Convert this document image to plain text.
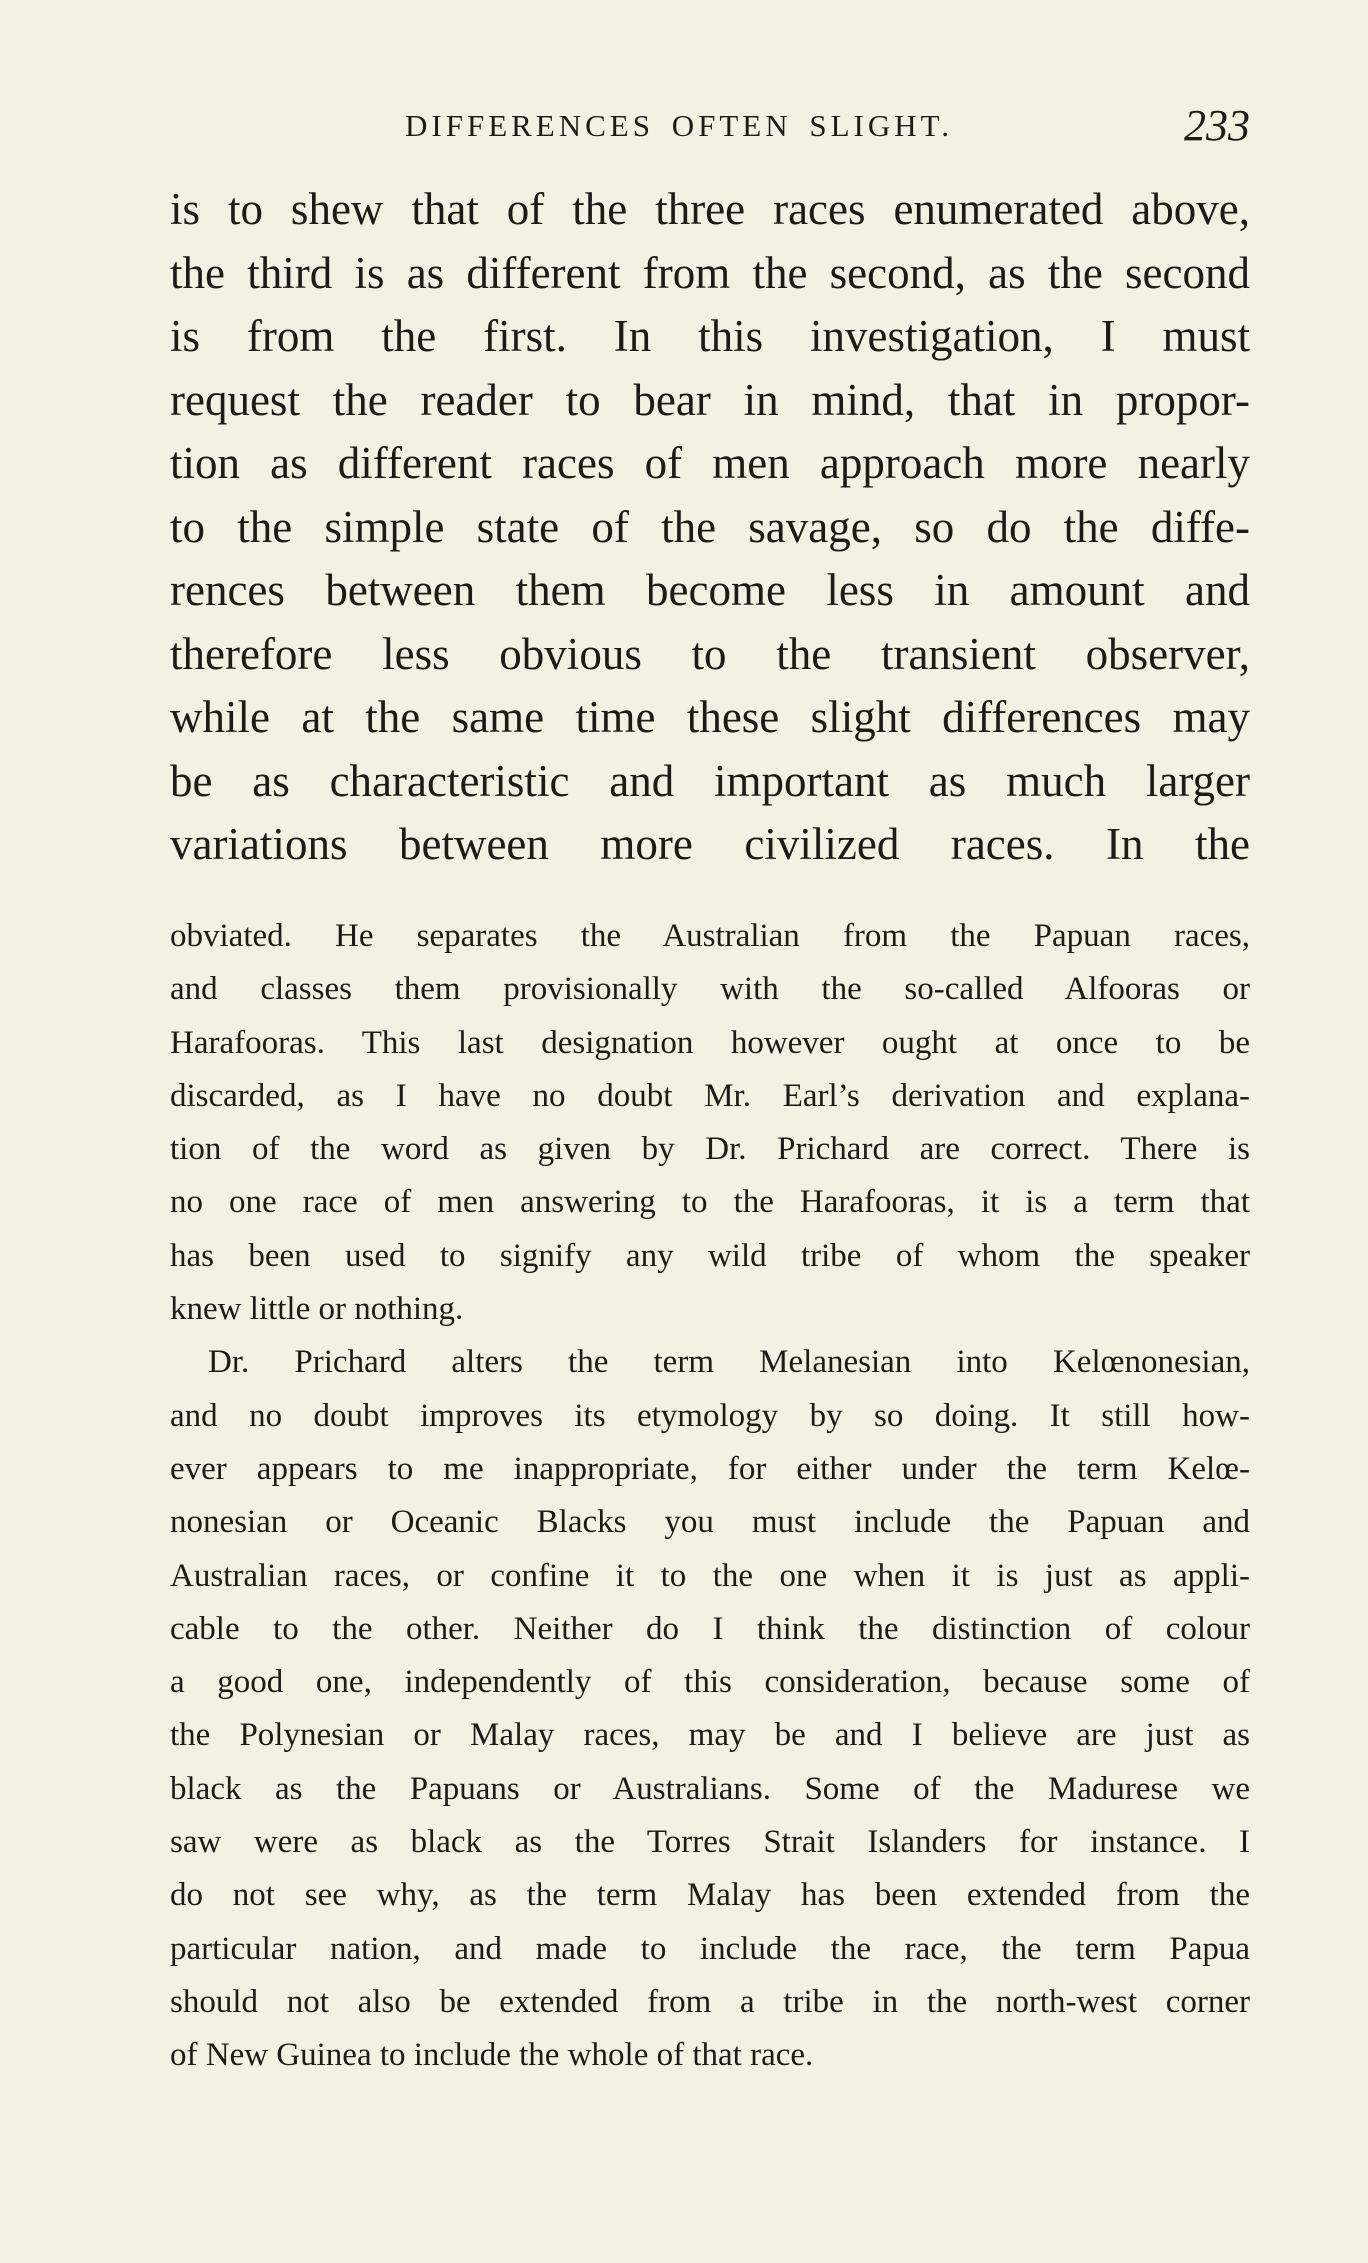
DIFFERENCES OFTEN SLIGHT.	233
is to shew that of the three races enumerated above,
the third is as different from the second, as the second
is from the first. In this investigation, I must
request the reader to bear in mind, that in propor-
tion as different races of men approach more nearly
to the simple state of the savage, so do the diffe-
rences between them become less in amount and
therefore less obvious to the transient observer,
while at the same time these slight differences may
be as characteristic and important as much larger
variations between more civilized races. In the
obviated. He separates the Australian from the Papuan races,
and classes them provisionally with the so-called Alfooras or
Harafooras. This last designation however ought at once to be
discarded, as I have no doubt Mr. Earl’s derivation and explana-
tion of the word as given by Dr. Prichard are correct. There is
no one race of men answering to the Harafooras, it is a term that
has been used to signify any wild tribe of whom the speaker
knew little or nothing.
Dr. Prichard alters the term Melanesian into Kelœnonesian,
and no doubt improves its etymology by so doing. It still how-
ever appears to me inappropriate, for either under the term Kelœ-
nonesian or Oceanic Blacks you must include the Papuan and
Australian races, or confine it to the one when it is just as appli-
cable to the other. Neither do I think the distinction of colour
a good one, independently of this consideration, because some of
the Polynesian or Malay races, may be and I believe are just as
black as the Papuans or Australians. Some of the Madurese we
saw were as black as the Torres Strait Islanders for instance. I
do not see why, as the term Malay has been extended from the
particular nation, and made to include the race, the term Papua
should not also be extended from a tribe in the north-west corner
of New Guinea to include the whole of that race.
